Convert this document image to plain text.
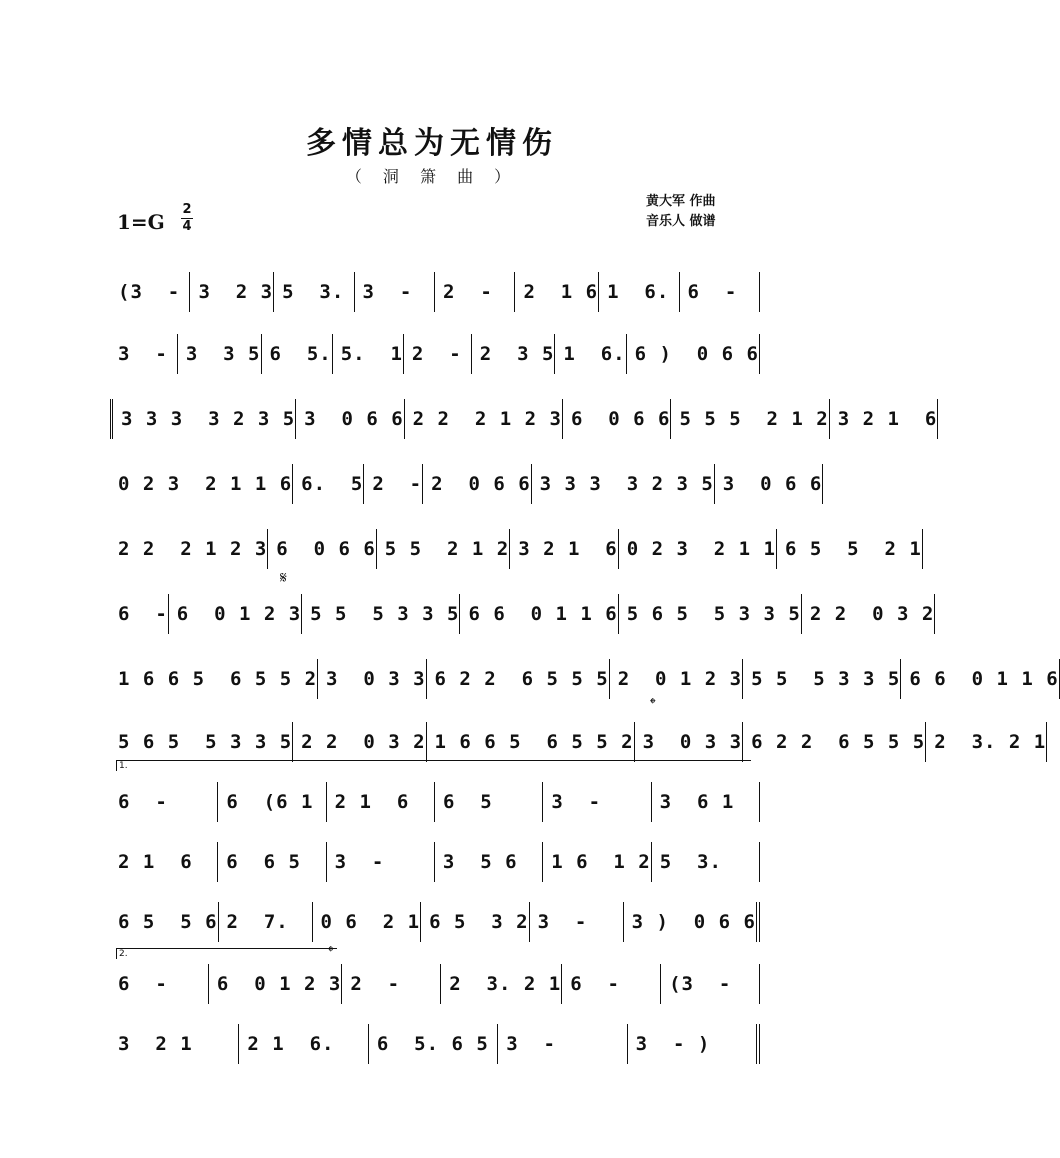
多情总为无情伤
（ 洞 箫 曲 ）
黄大军 作曲
音乐人 做谱
1=G
2
4
(3  - 3  2 3 5  3. 3  -	2  -	2  1 6 1  6. 6  -
3  - 3  3 5 6  5. 5.  1 2  - 2  3 5 1  6. 6 )  0 6 6
3 3 3  3 2 3 5 3  0 6 6 2 2  2 1 2 3 6  0 6 6 5 5 5  2 1 2 3 2 1  6
0 2 3  2 1 1 6 6.  5 2  - 2  0 6 6 3 3 3  3 2 3 5 3  0 6 6
2 2  2 1 2 3 6  0 6 6 5 5  2 1 2 3 2 1  6 0 2 3  2 1 1 6 5  5  2 1
6  - 6  0 1 2 3 5 5  5 3 3 5 6 6  0 1 1 6 5 6 5  5 3 3 5 2 2  0 3 2
1 6 6 5  6 5 5 2 3  0 3 3 6 2 2  6 5 5 5 2  0 1 2 3 5 5  5 3 3 5 6 6  0 1 1 6
5 6 5  5 3 3 5 2 2  0 3 2 1 6 6 5  6 5 5 2 3  0 3 3 6 2 2  6 5 5 5 2  3. 2 1
6  -	6  (6 1	2 1  6	6  5	3  -	3  6 1
2 1  6	6  6 5	3  -	3  5 6	1 6  1 2 5  3.
6 5  5 6 2  7.	0 6  2 1 6 5  3 2 3  -	3 )  0 6 6
6  -	6  0 1 2 3 2  -	2  3. 2 1 6  -	(3  -
3  2 1	2 1  6.	6  5. 6 5 3  -	3  - )
𝄋
𝄌
𝄌
1.
2.
